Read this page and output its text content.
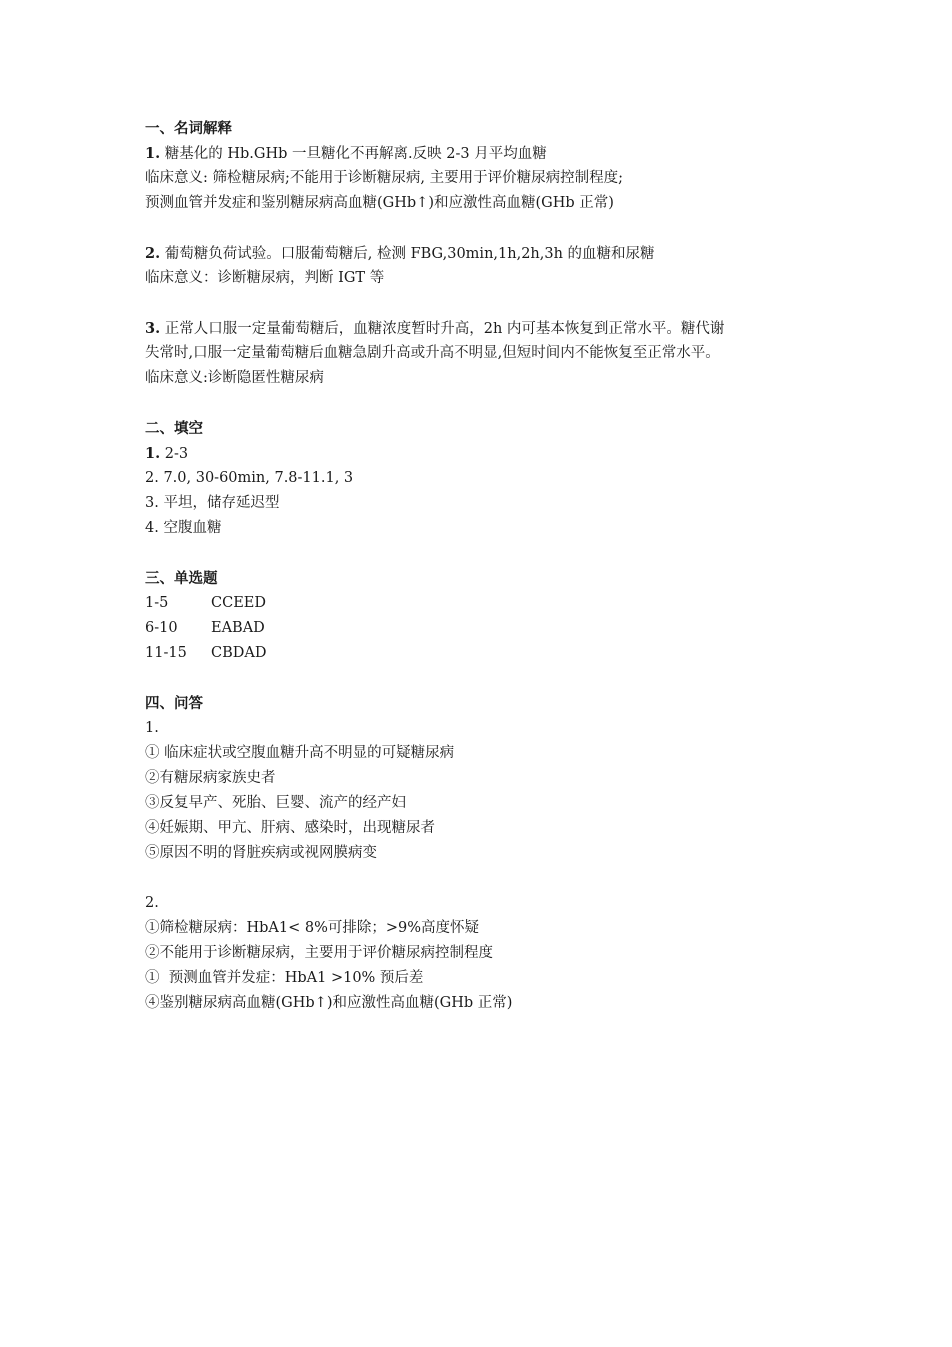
一、名词解释
1. 糖基化的 Hb.GHb 一旦糖化不再解离.反映 2-3 月平均血糖
临床意义: 筛检糖尿病;不能用于诊断糖尿病, 主要用于评价糖尿病控制程度;
预测血管并发症和鉴别糖尿病高血糖(GHb↑)和应激性高血糖(GHb 正常)
2. 葡萄糖负荷试验。口服葡萄糖后, 检测 FBG,30min,1h,2h,3h 的血糖和尿糖
临床意义：诊断糖尿病，判断 IGT 等
3. 正常人口服一定量葡萄糖后，血糖浓度暂时升高，2h 内可基本恢复到正常水平。糖代谢
失常时,口服一定量葡萄糖后血糖急剧升高或升高不明显,但短时间内不能恢复至正常水平。
临床意义:诊断隐匿性糖尿病
二、填空
1. 2-3
2. 7.0, 30-60min, 7.8-11.1, 3
3. 平坦，储存延迟型
4. 空腹血糖
三、单选题
1-5	CCEED
6-10 EABAD
11-15 CBDAD
四、问答
1.
① 临床症状或空腹血糖升高不明显的可疑糖尿病
②有糖尿病家族史者
③反复早产、死胎、巨婴、流产的经产妇
④妊娠期、甲亢、肝病、感染时，出现糖尿者
⑤原因不明的肾脏疾病或视网膜病变
2.
①筛检糖尿病：HbA1< 8%可排除；>9%高度怀疑
②不能用于诊断糖尿病，主要用于评价糖尿病控制程度
①  预测血管并发症：HbA1 >10% 预后差
④鉴别糖尿病高血糖(GHb↑)和应激性高血糖(GHb 正常)
